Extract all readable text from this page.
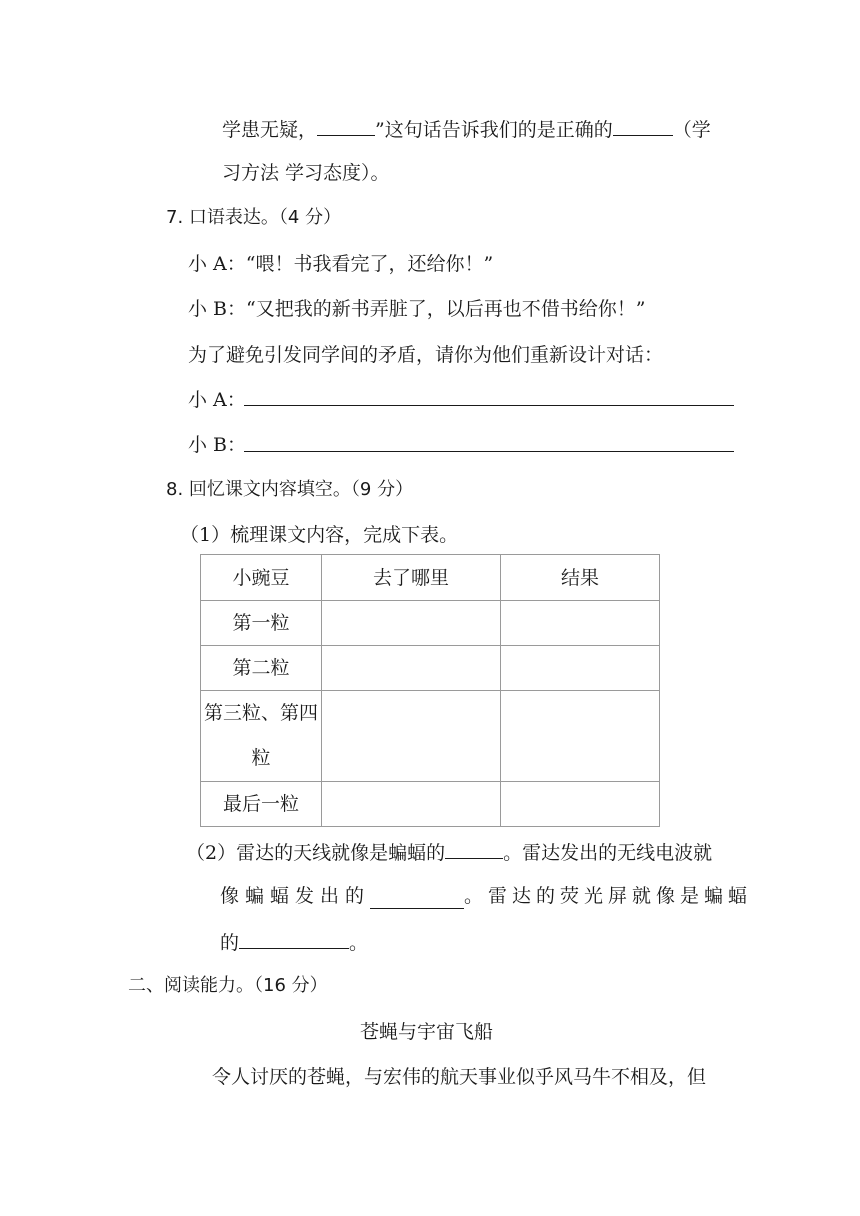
学患无疑，	”这句话告诉我们的是正确的	（学
习方法 学习态度）。
7. 口语表达。（4 分）
小 A：“喂！书我看完了，还给你！”
小 B：“又把我的新书弄脏了，以后再也不借书给你！”
为了避免引发同学间的矛盾，请你为他们重新设计对话：
小 A：
小 B：
8. 回忆课文内容填空。（9 分）
（1）梳理课文内容，完成下表。
小豌豆	去了哪里	结果
第一粒		
第二粒		
第三粒、第四粒		
最后一粒		
（2）雷达的天线就像是蝙蝠的	。雷达发出的无线电波就
像蝙蝠发出的	。雷达的荧光屏就像是蝙蝠
的	。
二、阅读能力。（16 分）
苍蝇与宇宙飞船
令人讨厌的苍蝇，与宏伟的航天事业似乎风马牛不相及，但
